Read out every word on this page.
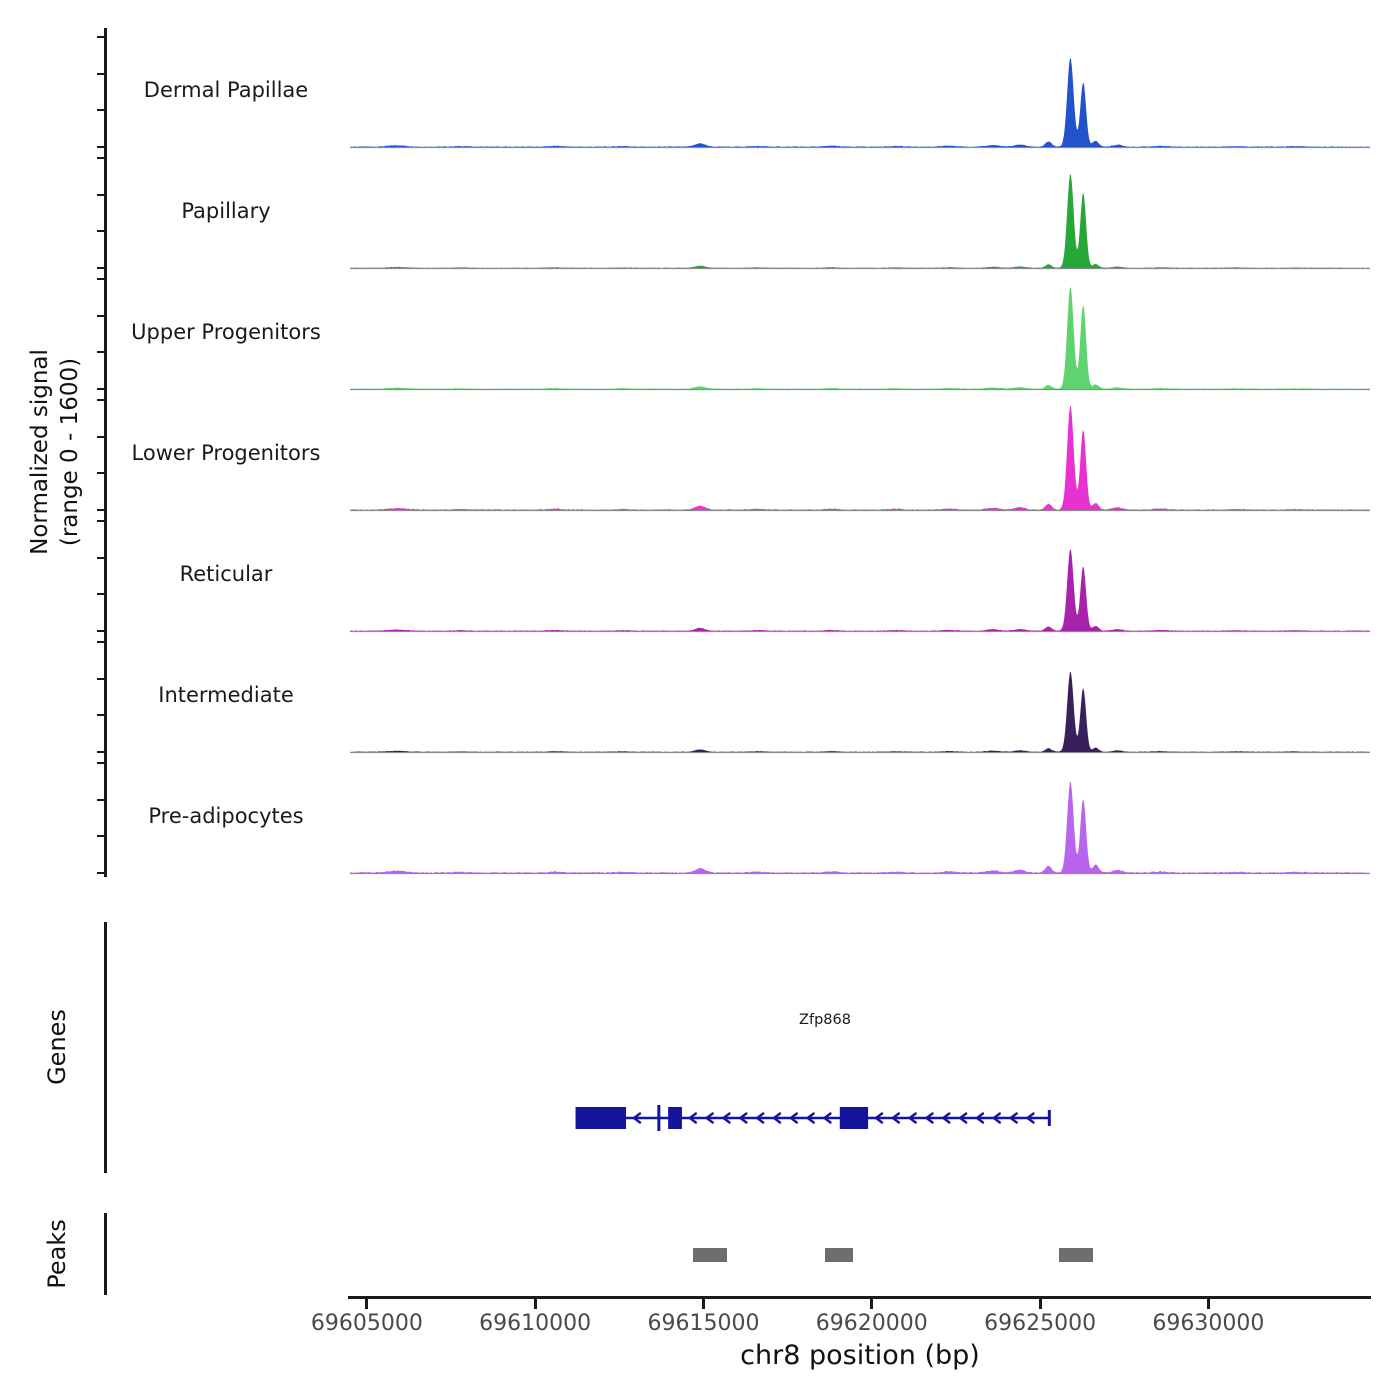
Normalized signal (range 0 - 1600)
Dermal Papillae
Papillary
Upper Progenitors
Lower Progenitors
Reticular
Intermediate
Pre-adipocytes
Genes	Zfp868
Peaks
69605000	69610000	69615000	69620000	69625000	69630000
chr8 position (bp)
